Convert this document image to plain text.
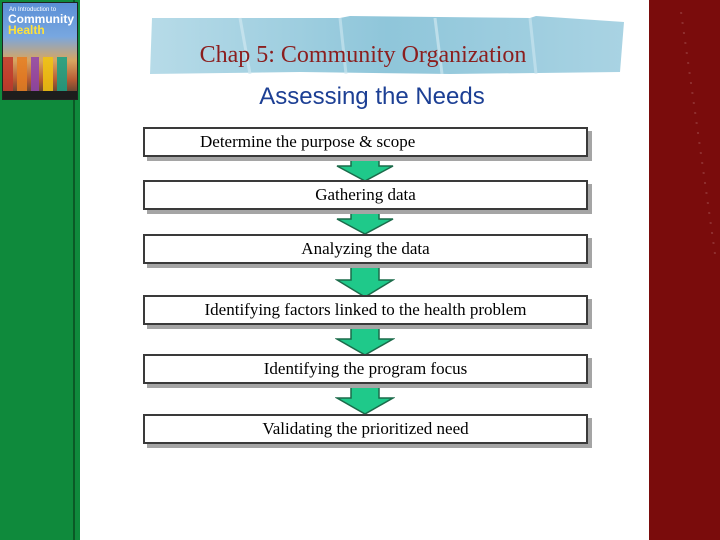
An Introduction to
Community
Health
Chap 5: Community Organization
Assessing the Needs
Determine the purpose & scope
Gathering data
Analyzing the data
Identifying factors linked to the health problem
Identifying the program focus
Validating the prioritized need
